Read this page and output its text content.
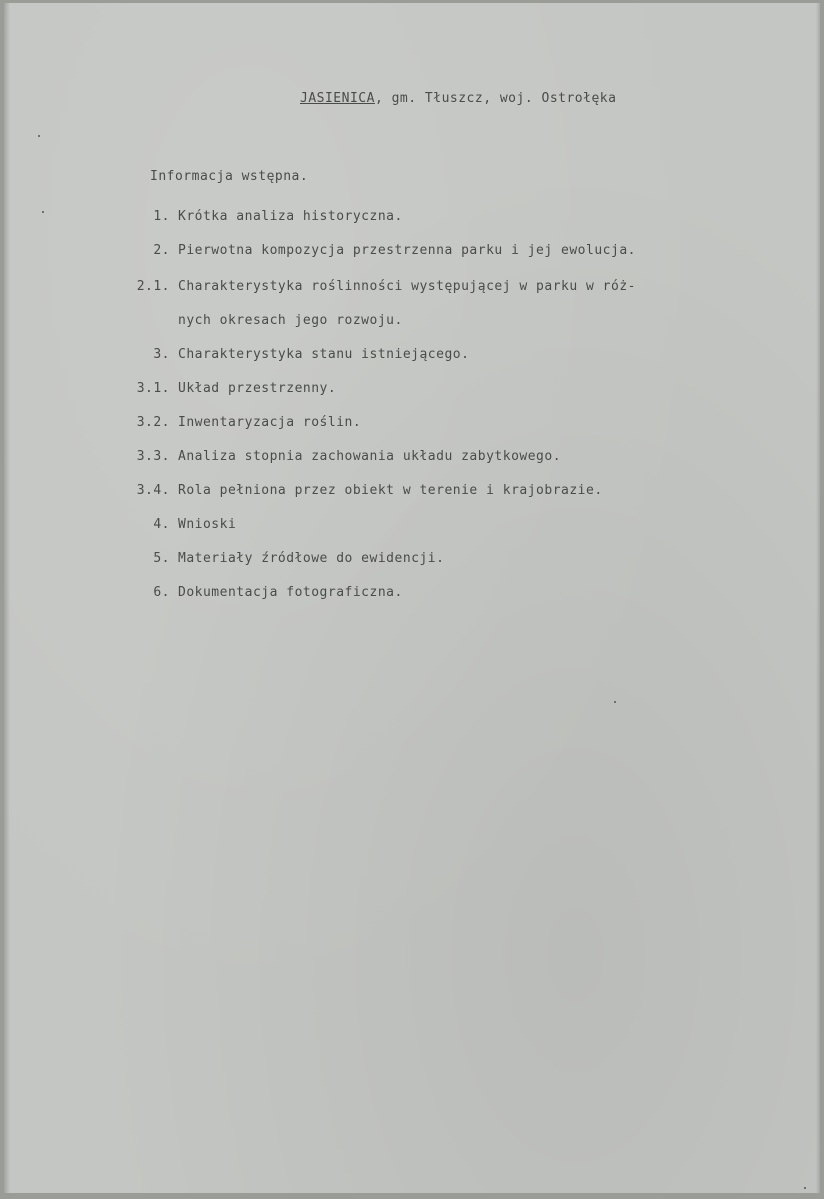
JASIENICA, gm. Tłuszcz, woj. Ostrołęka
Informacja wstępna.
1. Krótka analiza historyczna.
2. Pierwotna kompozycja przestrzenna parku i jej ewolucja.
2.1. Charakterystyka roślinności występującej w parku w róż-
nych okresach jego rozwoju.
3. Charakterystyka stanu istniejącego.
3.1. Układ przestrzenny.
3.2. Inwentaryzacja roślin.
3.3. Analiza stopnia zachowania układu zabytkowego.
3.4. Rola pełniona przez obiekt w terenie i krajobrazie.
4. Wnioski
5. Materiały źródłowe do ewidencji.
6. Dokumentacja fotograficzna.
